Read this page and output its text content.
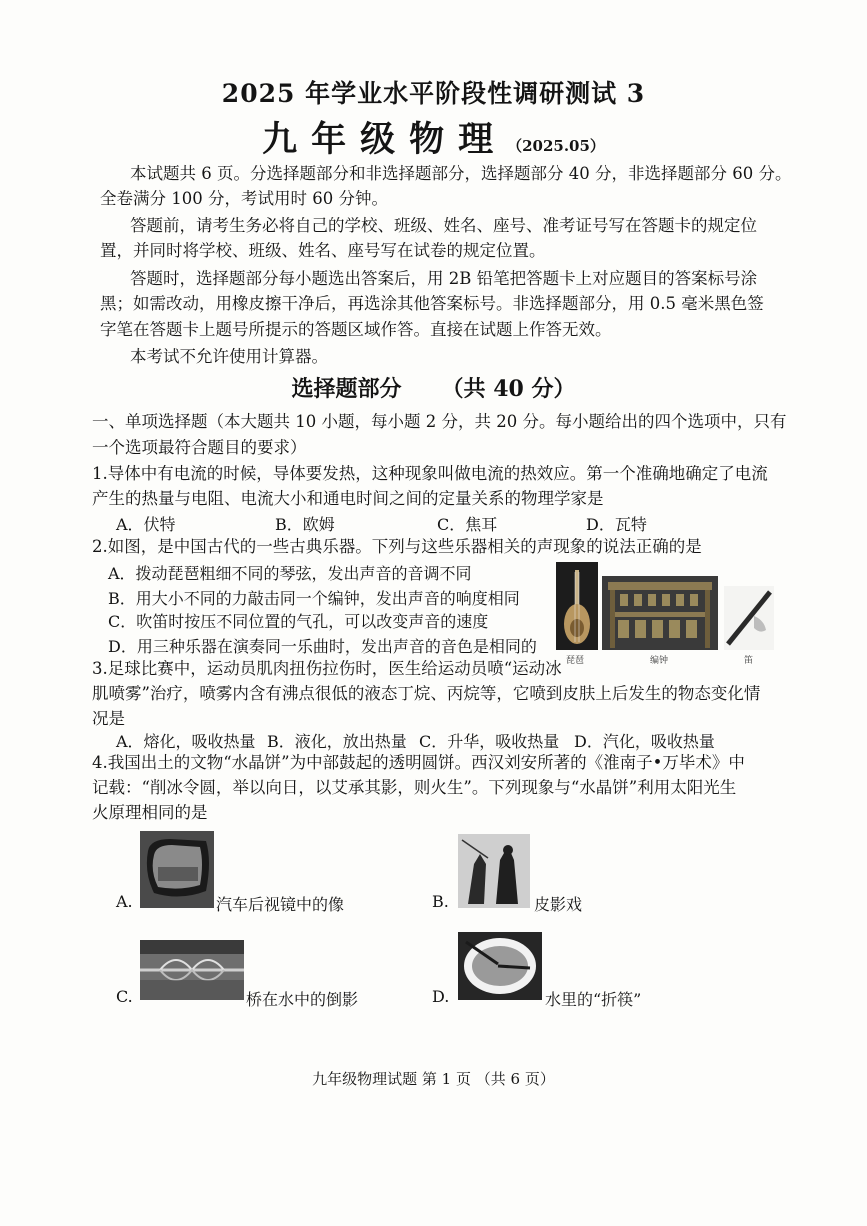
2025 年学业水平阶段性调研测试 3
九年级物理（2025.05）
本试题共 6 页。分选择题部分和非选择题部分，选择题部分 40 分，非选择题部分 60 分。
全卷满分 100 分，考试用时 60 分钟。
答题前，请考生务必将自己的学校、班级、姓名、座号、准考证号写在答题卡的规定位
置，并同时将学校、班级、姓名、座号写在试卷的规定位置。
答题时，选择题部分每小题选出答案后，用 2B 铅笔把答题卡上对应题目的答案标号涂
黑；如需改动，用橡皮擦干净后，再选涂其他答案标号。非选择题部分，用 0.5 毫米黑色签
字笔在答题卡上题号所提示的答题区域作答。直接在试题上作答无效。
本考试不允许使用计算器。
选择题部分 （共 40 分）
一、单项选择题（本大题共 10 小题，每小题 2 分，共 20 分。每小题给出的四个选项中，只有
一个选项最符合题目的要求）
1.导体中有电流的时候，导体要发热，这种现象叫做电流的热效应。第一个准确地确定了电流
产生的热量与电阻、电流大小和通电时间之间的定量关系的物理学家是
A．伏特	B．欧姆	C．焦耳	D．瓦特
2.如图，是中国古代的一些古典乐器。下列与这些乐器相关的声现象的说法正确的是
A．拨动琵琶粗细不同的琴弦，发出声音的音调不同
B．用大小不同的力敲击同一个编钟，发出声音的响度相同
C．吹笛时按压不同位置的气孔，可以改变声音的速度
D．用三种乐器在演奏同一乐曲时，发出声音的音色是相同的
琵琶	编钟	笛
3.足球比赛中，运动员肌肉扭伤拉伤时，医生给运动员喷“运动冰
肌喷雾”治疗，喷雾内含有沸点很低的液态丁烷、丙烷等，它喷到皮肤上后发生的物态变化情
况是
A．熔化，吸收热量 B．液化，放出热量 C．升华，吸收热量 D．汽化，吸收热量
4.我国出土的文物“水晶饼”为中部鼓起的透明圆饼。西汉刘安所著的《淮南子•万毕术》中
记载：“削冰令圆，举以向日，以艾承其影，则火生”。下列现象与“水晶饼”利用太阳光生
火原理相同的是
A.	汽车后视镜中的像	B.	皮影戏
C.	桥在水中的倒影	D.	水里的“折筷”
九年级物理试题 第 1 页 （共 6 页）
